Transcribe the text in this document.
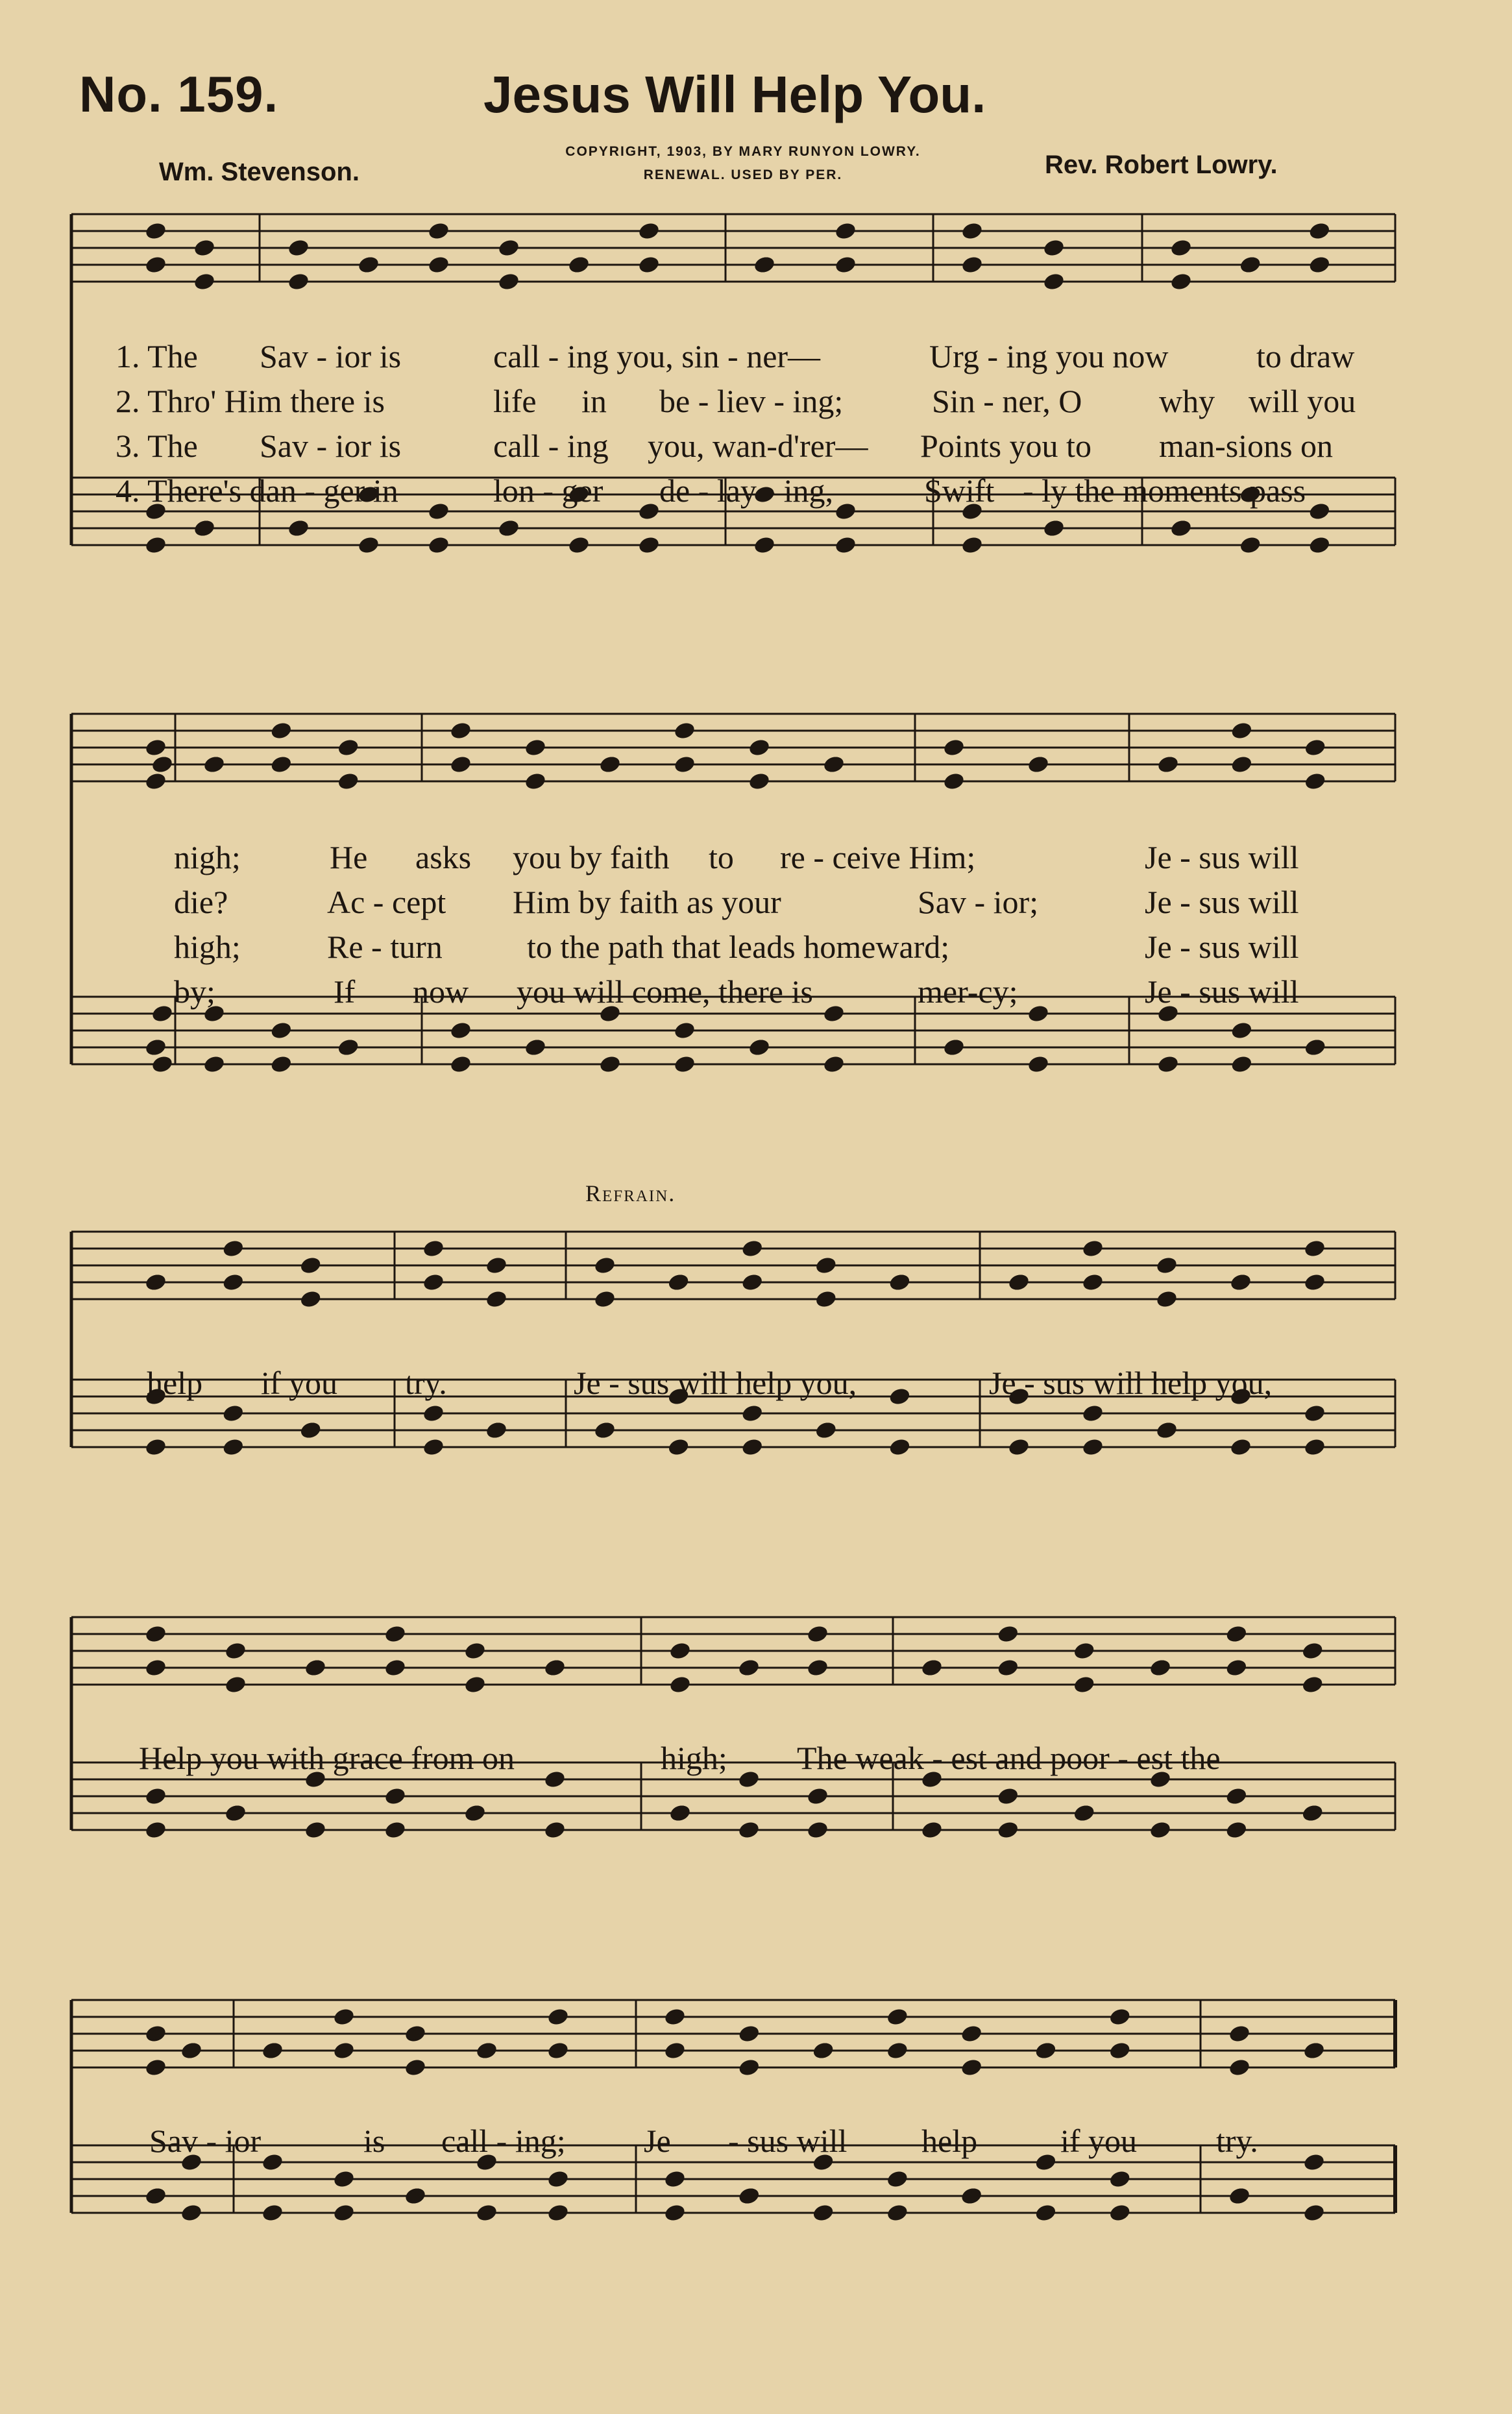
No. 159.	Jesus Will Help You.
COPYRIGHT, 1903, BY MARY RUNYON LOWRY.
RENEWAL. USED BY PER.
Wm. Stevenson.	Rev. Robert Lowry.
1. The Sav - ior is	call - ing you, sin - ner—	Urg - ing you now	to draw
2. Thro' Him there is	life in be - liev - ing;	Sin - ner, O why will you
3. The Sav - ior is	call - ing you, wan-d'rer— Points you to man-sions on
4. There's dan - ger in	lon - ger de - lay - ing,	Swift - ly the moments pass
nigh;	He asks you by faith to re - ceive Him;	Je - sus will
die?	Ac - cept Him by faith as your	Sav - ior;	Je - sus will
high;	Re - turn	to the path that leads homeward;	Je - sus will
by;	If now you will come, there is	mer-cy;	Je - sus will
Refrain.
help if you try.	Je - sus will help you,	Je - sus will help you,
Help you with grace from on	high; The weak - est and poor - est the
Sav - ior	is call - ing; Je - sus will help	if you try.
